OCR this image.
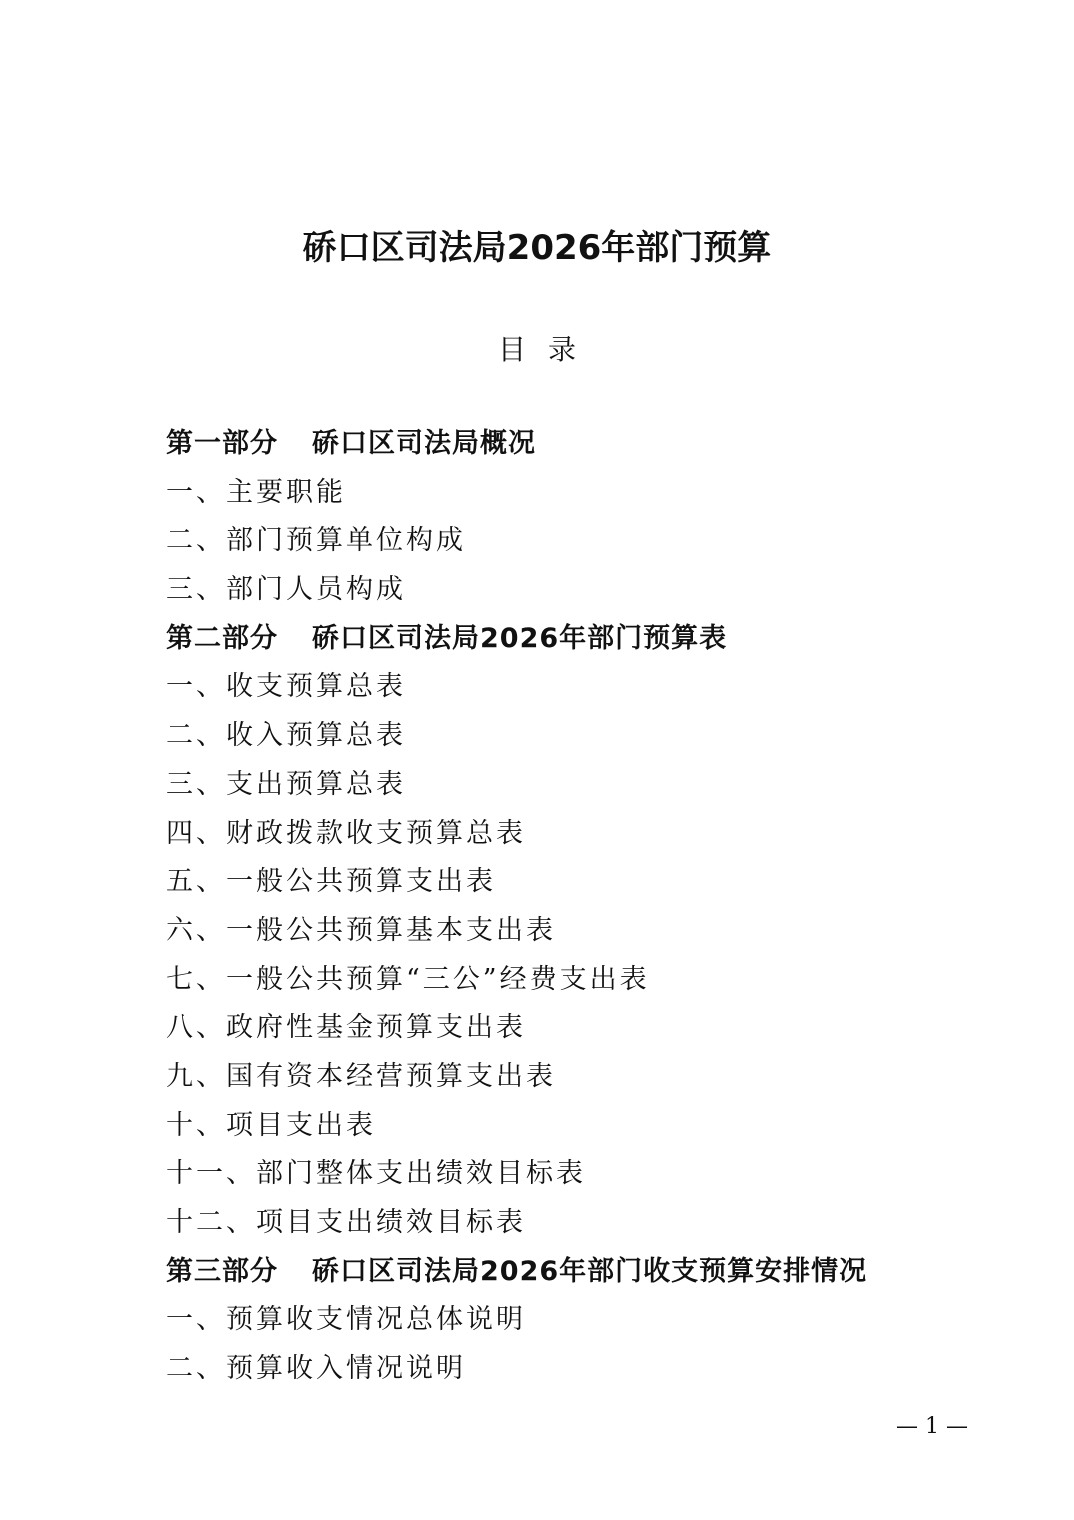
硚口区司法局2026年部门预算
目录
第一部分 硚口区司法局概况
一、主要职能
二、部门预算单位构成
三、部门人员构成
第二部分 硚口区司法局2026年部门预算表
一、收支预算总表
二、收入预算总表
三、支出预算总表
四、财政拨款收支预算总表
五、一般公共预算支出表
六、一般公共预算基本支出表
七、一般公共预算“三公”经费支出表
八、政府性基金预算支出表
九、国有资本经营预算支出表
十、项目支出表
十一、部门整体支出绩效目标表
十二、项目支出绩效目标表
第三部分 硚口区司法局2026年部门收支预算安排情况
一、预算收支情况总体说明
二、预算收入情况说明
— 1 —
